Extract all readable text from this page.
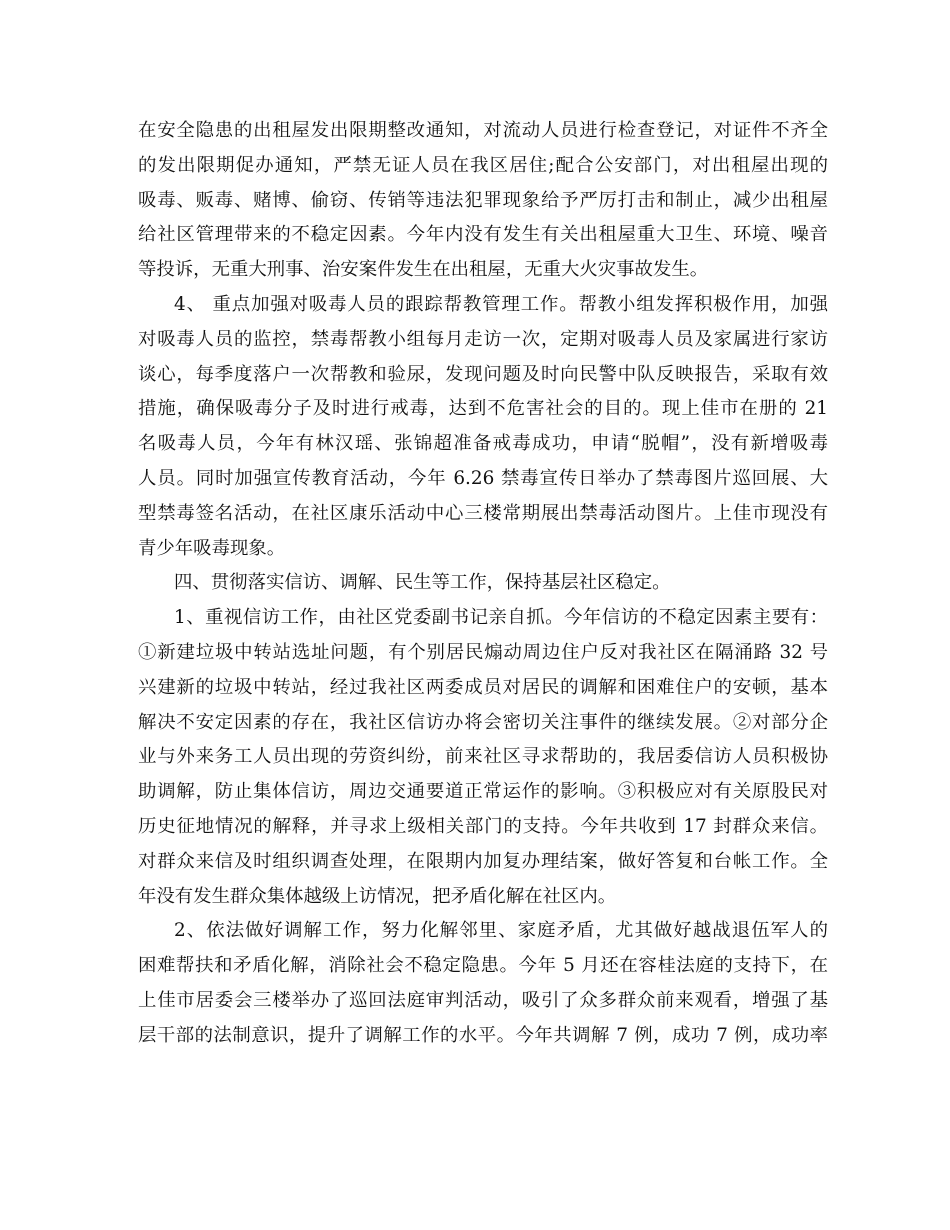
在安全隐患的出租屋发出限期整改通知，对流动人员进行检查登记，对证件不齐全
的发出限期促办通知，严禁无证人员在我区居住;配合公安部门，对出租屋出现的
吸毒、贩毒、赌博、偷窃、传销等违法犯罪现象给予严厉打击和制止，减少出租屋
给社区管理带来的不稳定因素。今年内没有发生有关出租屋重大卫生、环境、噪音
等投诉，无重大刑事、治安案件发生在出租屋，无重大火灾事故发生。
4、 重点加强对吸毒人员的跟踪帮教管理工作。帮教小组发挥积极作用，加强
对吸毒人员的监控，禁毒帮教小组每月走访一次，定期对吸毒人员及家属进行家访
谈心，每季度落户一次帮教和验尿，发现问题及时向民警中队反映报告，采取有效
措施，确保吸毒分子及时进行戒毒，达到不危害社会的目的。现上佳市在册的 21
名吸毒人员，今年有林汉瑶、张锦超准备戒毒成功，申请“脱帽”，没有新增吸毒
人员。同时加强宣传教育活动，今年 6.26 禁毒宣传日举办了禁毒图片巡回展、大
型禁毒签名活动，在社区康乐活动中心三楼常期展出禁毒活动图片。上佳市现没有
青少年吸毒现象。
四、贯彻落实信访、调解、民生等工作，保持基层社区稳定。
1、重视信访工作，由社区党委副书记亲自抓。今年信访的不稳定因素主要有：
①新建垃圾中转站选址问题，有个别居民煽动周边住户反对我社区在隔涌路 32 号
兴建新的垃圾中转站，经过我社区两委成员对居民的调解和困难住户的安顿，基本
解决不安定因素的存在，我社区信访办将会密切关注事件的继续发展。②对部分企
业与外来务工人员出现的劳资纠纷，前来社区寻求帮助的，我居委信访人员积极协
助调解，防止集体信访，周边交通要道正常运作的影响。③积极应对有关原股民对
历史征地情况的解释，并寻求上级相关部门的支持。今年共收到 17 封群众来信。
对群众来信及时组织调查处理，在限期内加复办理结案，做好答复和台帐工作。全
年没有发生群众集体越级上访情况，把矛盾化解在社区内。
2、依法做好调解工作，努力化解邻里、家庭矛盾，尤其做好越战退伍军人的
困难帮扶和矛盾化解，消除社会不稳定隐患。今年 5 月还在容桂法庭的支持下，在
上佳市居委会三楼举办了巡回法庭审判活动，吸引了众多群众前来观看，增强了基
层干部的法制意识，提升了调解工作的水平。今年共调解 7 例，成功 7 例，成功率
